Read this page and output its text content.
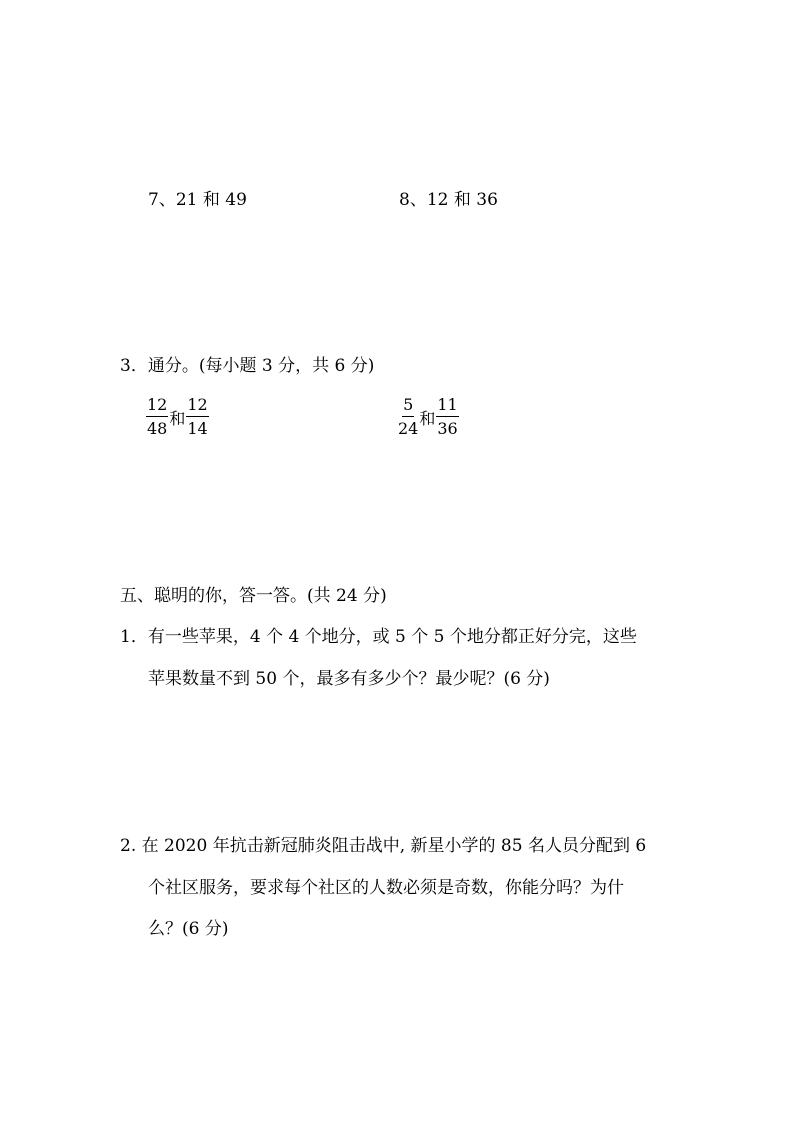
7、21 和 49	8、12 和 36
3．通分。(每小题 3 分，共 6 分)
$\frac{12}{48}$ 和 $\frac{12}{14}$	$\frac{5}{24}$ 和 $\frac{11}{36}$
五、聪明的你，答一答。(共 24 分)
1．有一些苹果，4 个 4 个地分，或 5 个 5 个地分都正好分完，这些
苹果数量不到 50 个，最多有多少个？最少呢？(6 分)
2. 在 2020 年抗击新冠肺炎阻击战中, 新星小学的 85 名人员分配到 6
个社区服务，要求每个社区的人数必须是奇数，你能分吗？为什
么？(6 分)
